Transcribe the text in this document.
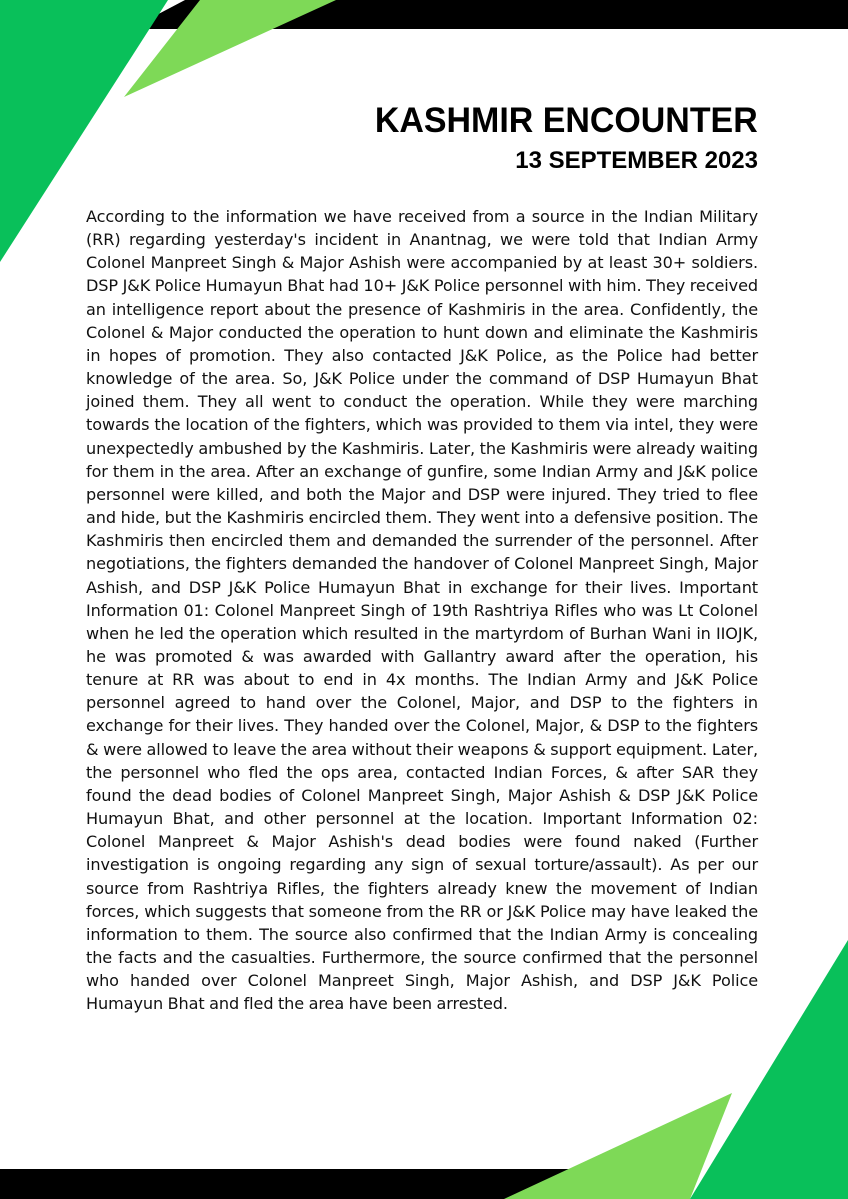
KASHMIR ENCOUNTER
13 SEPTEMBER 2023

According to the information we have received from a source in the Indian Military (RR) regarding yesterday's incident in Anantnag, we were told that Indian Army Colonel Manpreet Singh & Major Ashish were accompanied by at least 30+ soldiers. DSP J&K Police Humayun Bhat had 10+ J&K Police personnel with him. They received an intelligence report about the presence of Kashmiris in the area. Confidently, the Colonel & Major conducted the operation to hunt down and eliminate the Kashmiris in hopes of promotion. They also contacted J&K Police, as the Police had better knowledge of the area. So, J&K Police under the command of DSP Humayun Bhat joined them. They all went to conduct the operation. While they were marching towards the location of the fighters, which was provided to them via intel, they were unexpectedly ambushed by the Kashmiris. Later, the Kashmiris were already waiting for them in the area. After an exchange of gunfire, some Indian Army and J&K police personnel were killed, and both the Major and DSP were injured. They tried to flee and hide, but the Kashmiris encircled them. They went into a defensive position. The Kashmiris then encircled them and demanded the surrender of the personnel. After negotiations, the fighters demanded the handover of Colonel Manpreet Singh, Major Ashish, and DSP J&K Police Humayun Bhat in exchange for their lives. Important Information 01: Colonel Manpreet Singh of 19th Rashtriya Rifles who was Lt Colonel when he led the operation which resulted in the martyrdom of Burhan Wani in IIOJK, he was promoted & was awarded with Gallantry award after the operation, his tenure at RR was about to end in 4x months. The Indian Army and J&K Police personnel agreed to hand over the Colonel, Major, and DSP to the fighters in exchange for their lives. They handed over the Colonel, Major, & DSP to the fighters & were allowed to leave the area without their weapons & support equipment. Later, the personnel who fled the ops area, contacted Indian Forces, & after SAR they found the dead bodies of Colonel Manpreet Singh, Major Ashish & DSP J&K Police Humayun Bhat, and other personnel at the location. Important Information 02: Colonel Manpreet & Major Ashish's dead bodies were found naked (Further investigation is ongoing regarding any sign of sexual torture/assault). As per our source from Rashtriya Rifles, the fighters already knew the movement of Indian forces, which suggests that someone from the RR or J&K Police may have leaked the information to them. The source also confirmed that the Indian Army is concealing the facts and the casualties. Furthermore, the source confirmed that the personnel who handed over Colonel Manpreet Singh, Major Ashish, and DSP J&K Police Humayun Bhat and fled the area have been arrested.
